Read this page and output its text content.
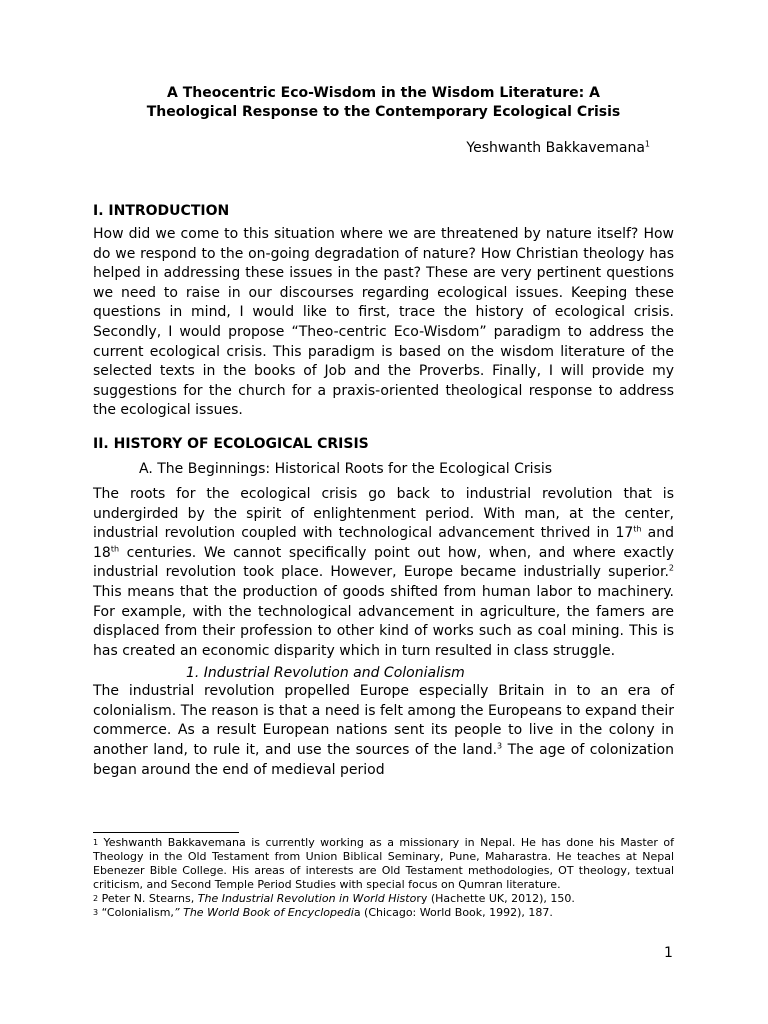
A Theocentric Eco-Wisdom in the Wisdom Literature: A
Theological Response to the Contemporary Ecological Crisis

Yeshwanth Bakkavemana$^1$
I. INTRODUCTION

How did we come to this situation where we are threatened by nature itself? How do we respond to the on-going degradation of nature? How Christian theology has helped in addressing these issues in the past? These are very pertinent questions we need to raise in our discourses regarding ecological issues. Keeping these questions in mind, I would like to first, trace the history of ecological crisis. Secondly, I would propose “Theo-centric Eco-Wisdom” paradigm to address the current ecological crisis. This paradigm is based on the wisdom literature of the selected texts in the books of Job and the Proverbs. Finally, I will provide my suggestions for the church for a praxis-oriented theological response to address the ecological issues.

II. HISTORY OF ECOLOGICAL CRISIS
A. The Beginnings: Historical Roots for the Ecological Crisis

The roots for the ecological crisis go back to industrial revolution that is undergirded by the spirit of enlightenment period. With man, at the center, industrial revolution coupled with technological advancement thrived in 17th and 18th centuries. We cannot specifically point out how, when, and where exactly industrial revolution took place. However, Europe became industrially superior.$^2$ This means that the production of goods shifted from human labor to machinery. For example, with the technological advancement in agriculture, the famers are displaced from their profession to other kind of works such as coal mining. This is has created an economic disparity which in turn resulted in class struggle.

1. Industrial Revolution and Colonialism

The industrial revolution propelled Europe especially Britain in to an era of colonialism. The reason is that a need is felt among the Europeans to expand their commerce. As a result European nations sent its people to live in the colony in another land, to rule it, and use the sources of the land.$^3$ The age of colonization began around the end of medieval period

$^1$ Yeshwanth Bakkavemana is currently working as a missionary in Nepal. He has done his Master of Theology in the Old Testament from Union Biblical Seminary, Pune, Maharastra. He teaches at Nepal Ebenezer Bible College. His areas of interests are Old Testament methodologies, OT theology, textual criticism, and Second Temple Period Studies with special focus on Qumran literature.

$^2$ Peter N. Stearns, The Industrial Revolution in World History (Hachette UK, 2012), 150.

$^3$ “Colonialism,” The World Book of Encyclopedia (Chicago: World Book, 1992), 187.

1
